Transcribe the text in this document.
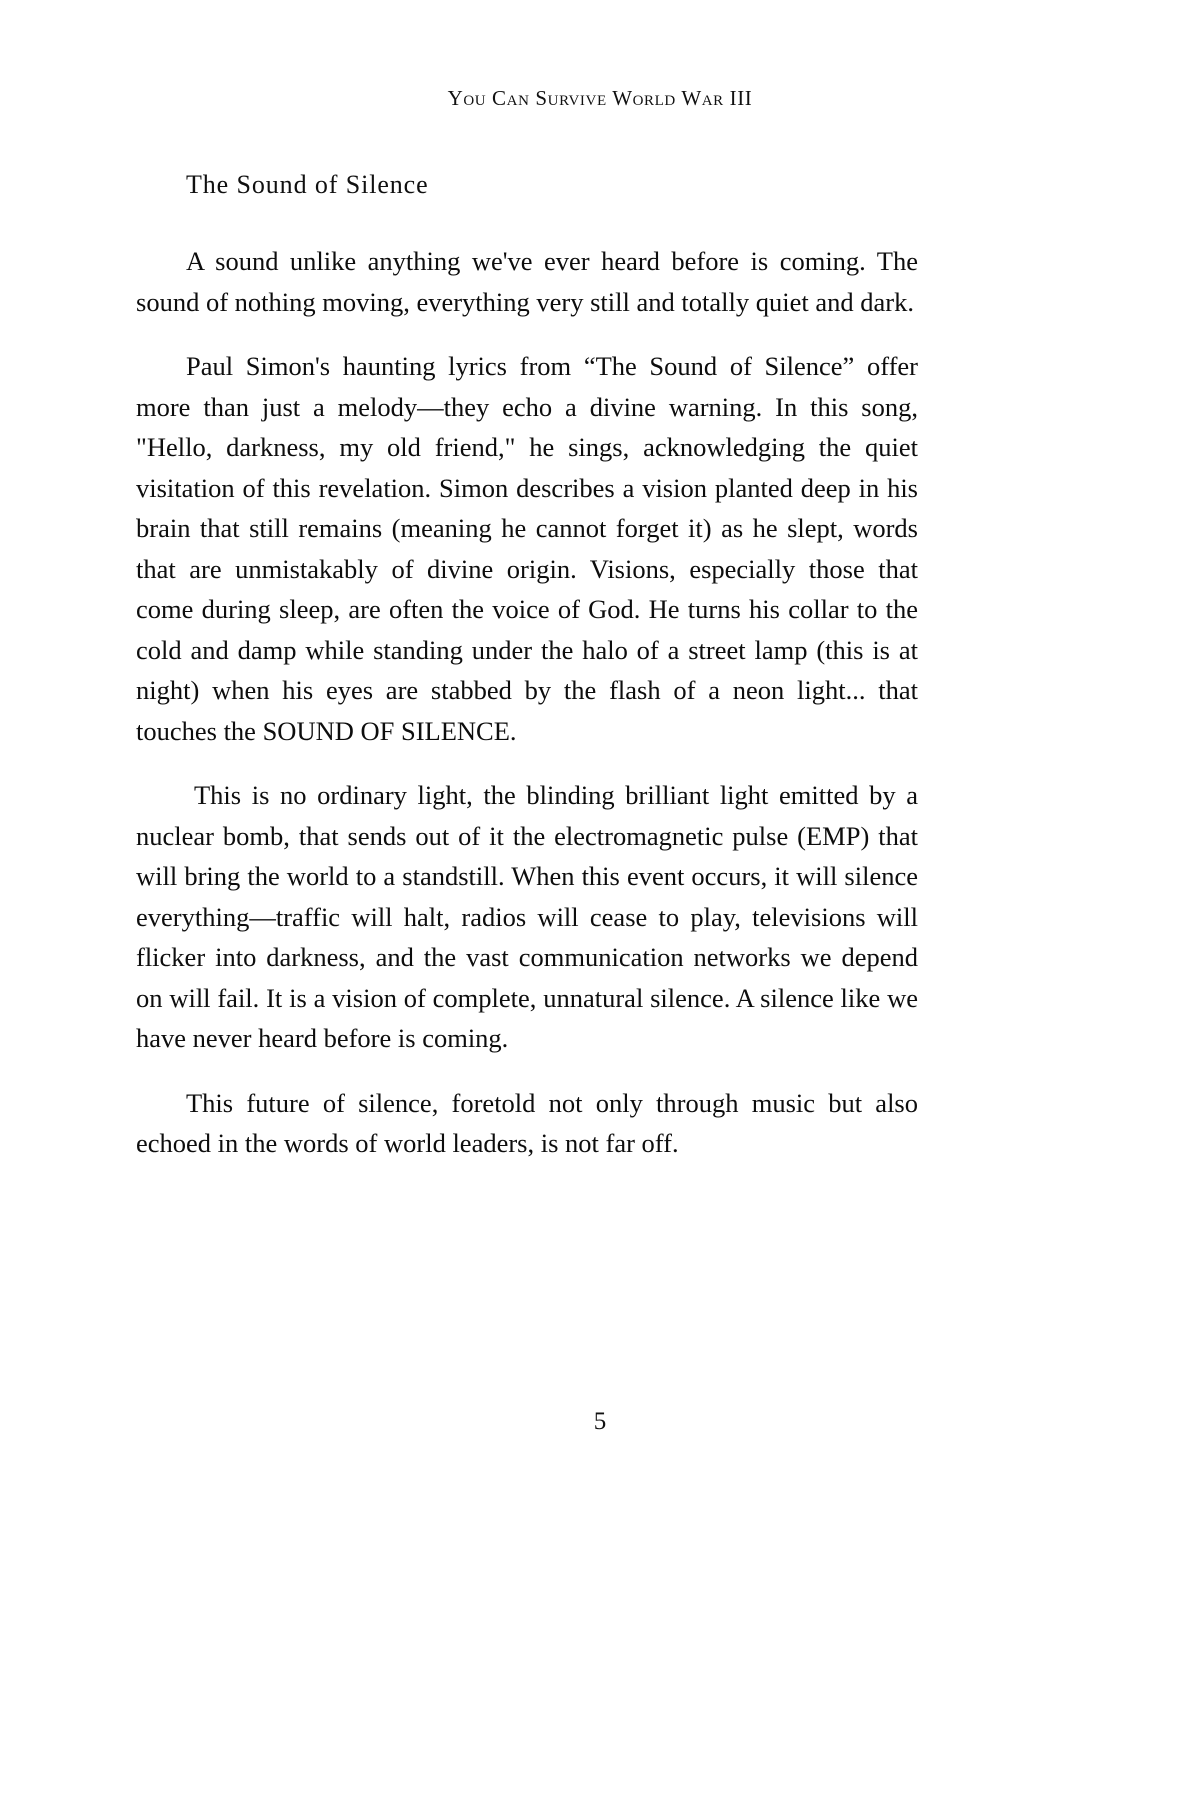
You Can Survive World War III
The Sound of Silence

A sound unlike anything we've ever heard before is coming. The sound of nothing moving, everything very still and totally quiet and dark.

Paul Simon's haunting lyrics from “The Sound of Silence” offer more than just a melody—they echo a divine warning. In this song, "Hello, darkness, my old friend," he sings, acknowledging the quiet visitation of this revelation. Simon describes a vision planted deep in his brain that still remains (meaning he cannot forget it) as he slept, words that are unmistakably of divine origin. Visions, especially those that come during sleep, are often the voice of God. He turns his collar to the cold and damp while standing under the halo of a street lamp (this is at night) when his eyes are stabbed by the flash of a neon light... that touches the SOUND OF SILENCE.

This is no ordinary light, the blinding brilliant light emitted by a nuclear bomb, that sends out of it the electromagnetic pulse (EMP) that will bring the world to a standstill. When this event occurs, it will silence everything—traffic will halt, radios will cease to play, televisions will flicker into darkness, and the vast communication networks we depend on will fail. It is a vision of complete, unnatural silence. A silence like we have never heard before is coming.

This future of silence, foretold not only through music but also echoed in the words of world leaders, is not far off.

5
